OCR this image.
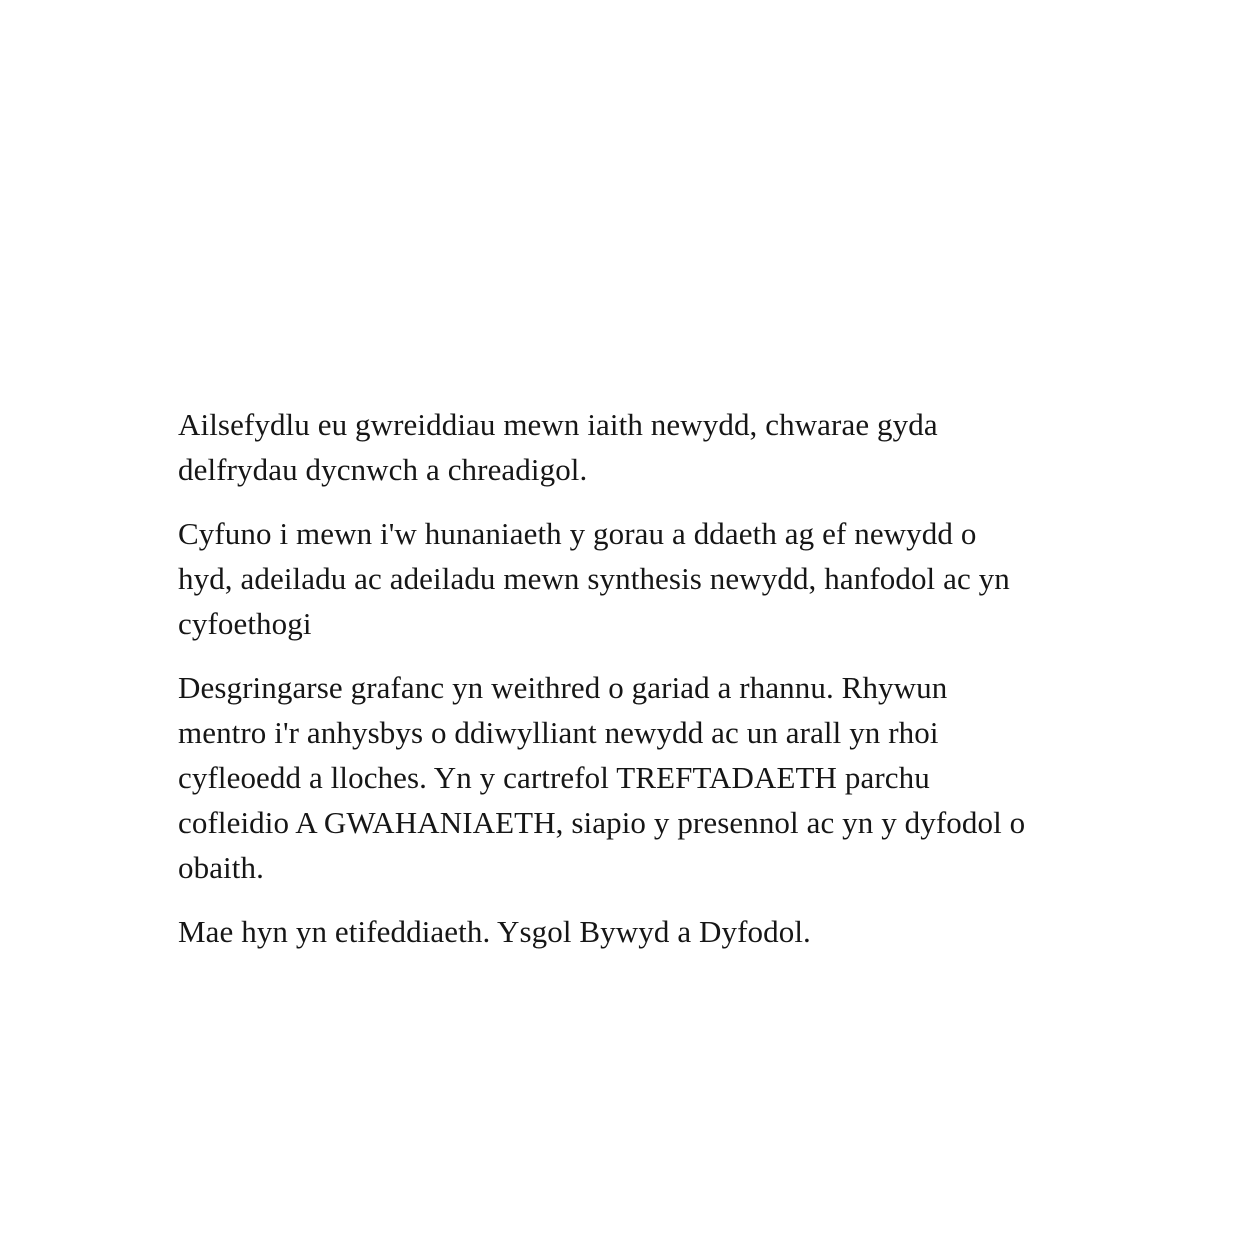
Ailsefydlu eu gwreiddiau mewn iaith newydd, chwarae gyda
delfrydau dycnwch a chreadigol.
Cyfuno i mewn i'w hunaniaeth y gorau a ddaeth ag ef newydd o
hyd, adeiladu ac adeiladu mewn synthesis newydd, hanfodol ac yn
cyfoethogi
Desgringarse grafanc yn weithred o gariad a rhannu. Rhywun
mentro i'r anhysbys o ddiwylliant newydd ac un arall yn rhoi
cyfleoedd a lloches. Yn y cartrefol TREFTADAETH parchu
cofleidio A GWAHANIAETH, siapio y presennol ac yn y dyfodol o
obaith.
Mae hyn yn etifeddiaeth. Ysgol Bywyd a Dyfodol.
